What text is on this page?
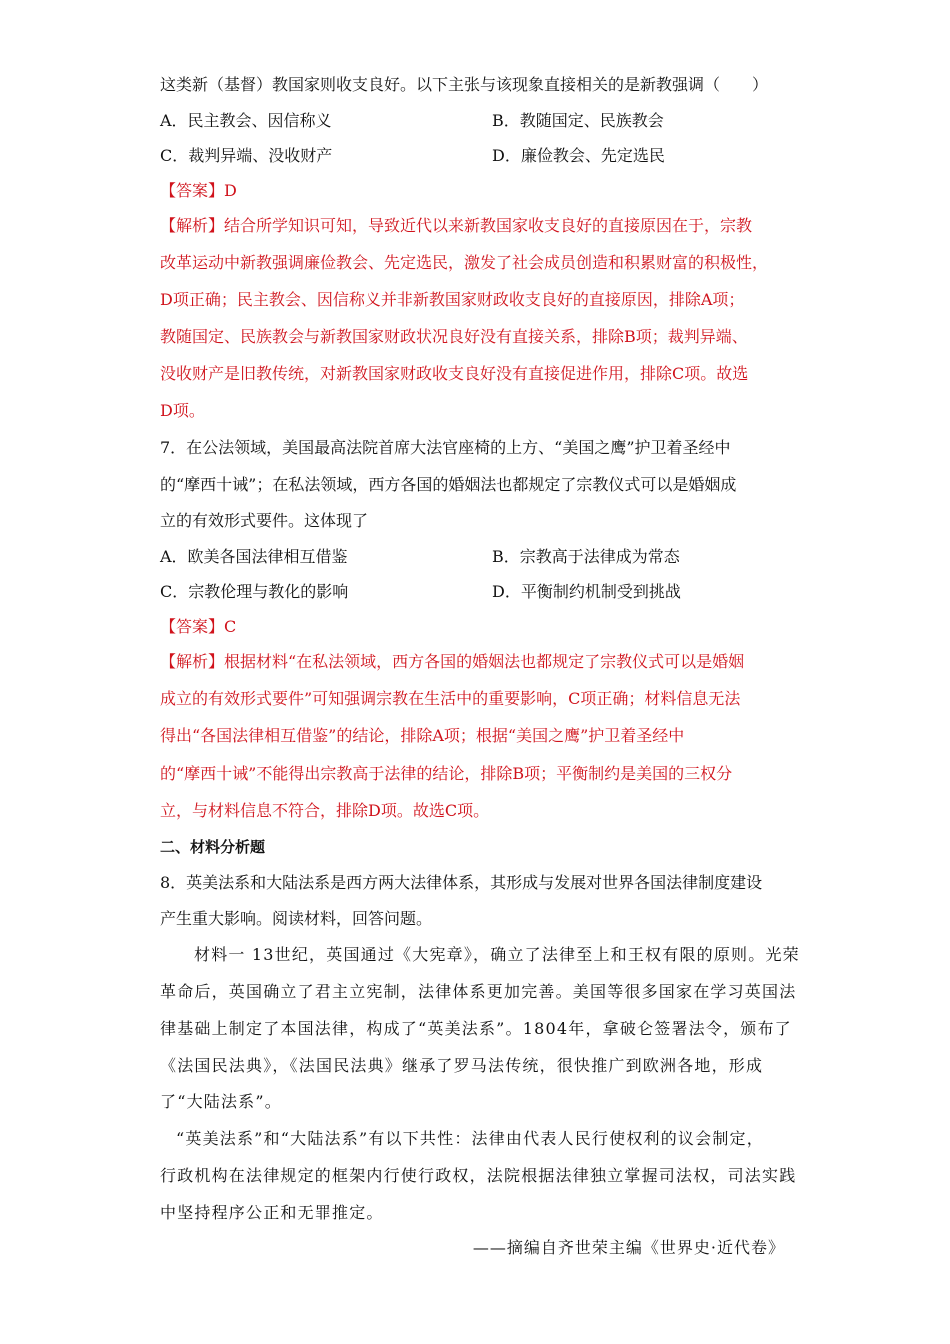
这类新（基督）教国家则收支良好。以下主张与该现象直接相关的是新教强调（　　）
A．民主教会、因信称义	B．教随国定、民族教会
C．裁判异端、没收财产	D．廉俭教会、先定选民
【答案】D
【解析】结合所学知识可知，导致近代以来新教国家收支良好的直接原因在于，宗教
改革运动中新教强调廉俭教会、先定选民，激发了社会成员创造和积累财富的积极性，
D项正确；民主教会、因信称义并非新教国家财政收支良好的直接原因，排除A项；
教随国定、民族教会与新教国家财政状况良好没有直接关系，排除B项；裁判异端、
没收财产是旧教传统，对新教国家财政收支良好没有直接促进作用，排除C项。故选
D项。
7．在公法领域，美国最高法院首席大法官座椅的上方、“美国之鹰”护卫着圣经中
的“摩西十诫”；在私法领域，西方各国的婚姻法也都规定了宗教仪式可以是婚姻成
立的有效形式要件。这体现了
A．欧美各国法律相互借鉴	B．宗教高于法律成为常态
C．宗教伦理与教化的影响	D．平衡制约机制受到挑战
【答案】C
【解析】根据材料“在私法领域，西方各国的婚姻法也都规定了宗教仪式可以是婚姻
成立的有效形式要件”可知强调宗教在生活中的重要影响，C项正确；材料信息无法
得出“各国法律相互借鉴”的结论，排除A项；根据“美国之鹰”护卫着圣经中
的“摩西十诫”不能得出宗教高于法律的结论，排除B项；平衡制约是美国的三权分
立，与材料信息不符合，排除D项。故选C项。
二、材料分析题
8．英美法系和大陆法系是西方两大法律体系，其形成与发展对世界各国法律制度建设
产生重大影响。阅读材料，回答问题。
材料一 13世纪，英国通过《大宪章》，确立了法律至上和王权有限的原则。光荣
革命后，英国确立了君主立宪制，法律体系更加完善。美国等很多国家在学习英国法
律基础上制定了本国法律，构成了“英美法系”。1804年，拿破仑签署法令，颁布了
《法国民法典》，《法国民法典》继承了罗马法传统，很快推广到欧洲各地，形成
了“大陆法系”。
“英美法系”和“大陆法系”有以下共性：法律由代表人民行使权利的议会制定，
行政机构在法律规定的框架内行使行政权，法院根据法律独立掌握司法权，司法实践
中坚持程序公正和无罪推定。
——摘编自齐世荣主编《世界史·近代卷》
